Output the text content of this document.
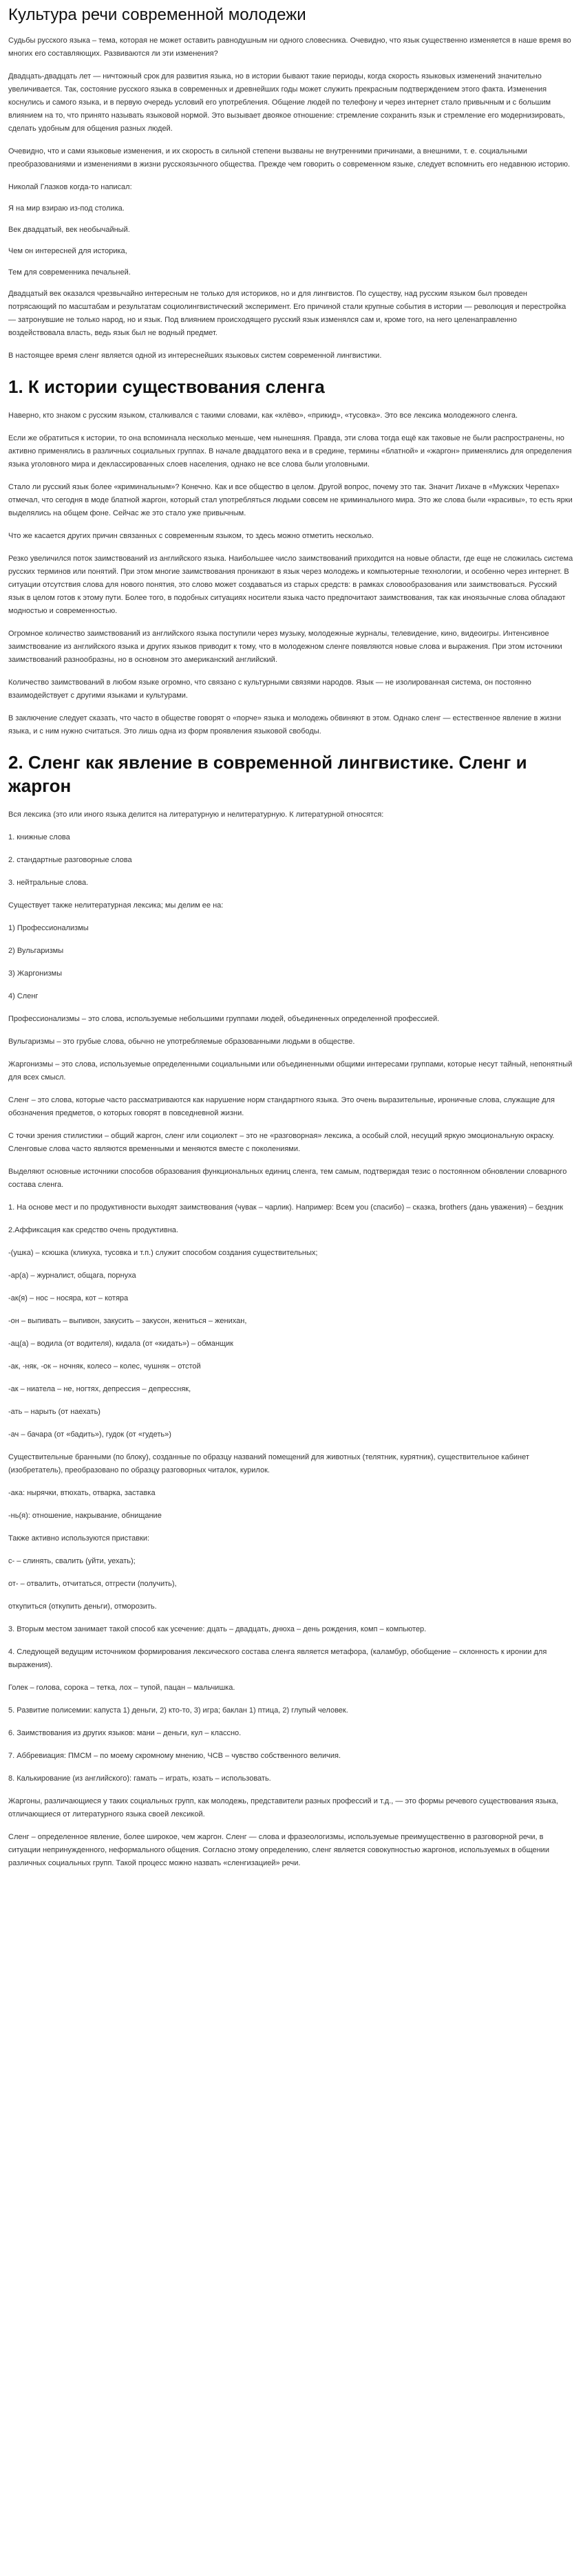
Культура речи современной молодежи

Судьбы русского языка – тема, которая не может оставить равнодушным ни одного словесника. Очевидно, что язык существенно изменяется в наше время во многих его составляющих. Развиваются ли эти изменения?

Двадцать-двадцать лет — ничтожный срок для развития языка, но в истории бывают такие периоды, когда скорость языковых изменений значительно увеличивается. Так, состояние русского языка в современных и древнейших годы может служить прекрасным подтверждением этого факта. Изменения коснулись и самого языка, и в первую очередь условий его употребления. Общение людей по телефону и через интернет стало привычным и с большим влиянием на то, что принято называть языковой нормой. Это вызывает двоякое отношение: стремление сохранить язык и стремление его модернизировать, сделать удобным для общения разных людей.

Очевидно, что и сами языковые изменения, и их скорость в сильной степени вызваны не внутренними причинами, а внешними, т. е. социальными преобразованиями и изменениями в жизни русскоязычного общества. Прежде чем говорить о современном языке, следует вспомнить его недавнюю историю.

Николай Глазков когда-то написал:

Я на мир взираю из-под столика.

Век двадцатый, век необычайный.

Чем он интересней для историка,

Тем для современника печальней.

Двадцатый век оказался чрезвычайно интересным не только для историков, но и для лингвистов. По существу, над русским языком был проведен потрясающий по масштабам и результатам социолингвистический эксперимент. Его причиной стали крупные события в истории — революция и перестройка — затронувшие не только народ, но и язык. Под влиянием происходящего русский язык изменялся сам и, кроме того, на него целенаправленно воздействовала власть, ведь язык был не водный предмет.

В настоящее время сленг является одной из интереснейших языковых систем современной лингвистики.

1. К истории существования сленга

Наверно, кто знаком с русским языком, сталкивался с такими словами, как «клёво», «прикид», «тусовка». Это все лексика молодежного сленга.

Если же обратиться к истории, то она вспоминала несколько меньше, чем нынешняя. Правда, эти слова тогда ещё как таковые не были распространены, но активно применялись в различных социальных группах. В начале двадцатого века и в средине, термины «блатной» и «жаргон» применялись для определения языка уголовного мира и деклассированных слоев населения, однако не все слова были уголовными.

Стало ли русский язык более «криминальным»? Конечно. Как и все общество в целом. Другой вопрос, почему это так. Значит Лихаче в «Мужских Черепах» отмечал, что сегодня в моде блатной жаргон, который стал употребляться людьми совсем не криминального мира. Это же слова были «красивы», то есть ярки выделялись на общем фоне. Сейчас же это стало уже привычным.

Что же касается других причин связанных с современным языком, то здесь можно отметить несколько.

Резко увеличился поток заимствований из английского языка. Наибольшее число заимствований приходится на новые области, где еще не сложилась система русских терминов или понятий. При этом многие заимствования проникают в язык через молодежь и компьютерные технологии, и особенно через интернет. В ситуации отсутствия слова для нового понятия, это слово может создаваться из старых средств: в рамках словообразования или заимствоваться. Русский язык в целом готов к этому пути. Более того, в подобных ситуациях носители языка часто предпочитают заимствования, так как иноязычные слова обладают модностью и современностью.

Огромное количество заимствований из английского языка поступили через музыку, молодежные журналы, телевидение, кино, видеоигры. Интенсивное заимствование из английского языка и других языков приводит к тому, что в молодежном сленге появляются новые слова и выражения. При этом источники заимствований разнообразны, но в основном это американский английский.

Количество заимствований в любом языке огромно, что связано с культурными связями народов. Язык — не изолированная система, он постоянно взаимодействует с другими языками и культурами.

В заключение следует сказать, что часто в обществе говорят о «порче» языка и молодежь обвиняют в этом. Однако сленг — естественное явление в жизни языка, и с ним нужно считаться. Это лишь одна из форм проявления языковой свободы.

2. Сленг как явление в современной лингвистике. Сленг и жаргон

Вся лексика (это или иного языка делится на литературную и нелитературную. К литературной относятся:

1. книжные слова

2. стандартные разговорные слова

3. нейтральные слова.

Существует также нелитературная лексика; мы делим ее на:

1) Профессионализмы

2) Вульгаризмы

3) Жаргонизмы

4) Сленг

Профессионализмы – это слова, используемые небольшими группами людей, объединенных определенной профессией.

Вульгаризмы – это грубые слова, обычно не употребляемые образованными людьми в обществе.

Жаргонизмы – это слова, используемые определенными социальными или объединенными общими интересами группами, которые несут тайный, непонятный для всех смысл.

Сленг – это слова, которые часто рассматриваются как нарушение норм стандартного языка. Это очень выразительные, ироничные слова, служащие для обозначения предметов, о которых говорят в повседневной жизни.

С точки зрения стилистики – общий жаргон, сленг или социолект – это не «разговорная» лексика, а особый слой, несущий яркую эмоциональную окраску. Сленговые слова часто являются временными и меняются вместе с поколениями.

Выделяют основные источники способов образования функциональных единиц сленга, тем самым, подтверждая тезис о постоянном обновлении словарного состава сленга.

1. На основе мест и по продуктивности выходят заимствования (чувак – чарлик). Например: Всем you (спасибо) – сказка, brothers (дань уважения) – бездник

2.Аффиксация как средство очень продуктивна.

-(ушка) – ксюшка (кликуха, тусовка и т.п.) служит способом создания существительных;

-ар(а) – журналист, общага, порнуха

-ак(я) – нос – носяра, кот – котяра

-он – выпивать – выпивон, закусить – закусон, жениться – женихан,

-ац(а) – водила (от водителя), кидала (от «кидать») – обманщик

-ак, -няк, -ок – ночняк, колесо – колес, чушняк – отстой

-ак – ниатела – не, ногтях, депрессия – депрессняк,

-ать – нарыть (от наехать)

-ач – бачара (от «бадить»), гудок (от «гудеть»)

Существительные бранными (по блоку), созданные по образцу названий помещений для животных (телятник, курятник), существительное кабинет (изобретатель), преобразовано по образцу разговорных читалок, курилок.

-ака: нырячки, втюхать, отварка, заставка

-нь(я): отношение, накрывание, обнищание

Также активно используются приставки:

с- – слинять, свалить (уйти, уехать);

от- – отвалить, отчитаться, отгрести (получить),

откупиться (откупить деньги), отморозить.

3. Вторым местом занимает такой способ как усечение: дцать – двадцать, днюха – день рождения, комп – компьютер.

4. Следующей ведущим источником формирования лексического состава сленга является метафора, (каламбур, обобщение – склонность к иронии для выражения).

Голек – голова, сорока – тетка, лох – тупой, пацан – мальчишка.

5. Развитие полисемии: капуста 1) деньги, 2) кто-то, 3) игра; баклан 1) птица, 2) глупый человек.

6. Заимствования из других языков: мани – деньги, кул – классно.

7. Аббревиация: ПМСМ – по моему скромному мнению, ЧСВ – чувство собственного величия.

8. Калькирование (из английского): гамать – играть, юзать – использовать.

Жаргоны, различающиеся у таких социальных групп, как молодежь, представители разных профессий и т.д., — это формы речевого существования языка, отличающиеся от литературного языка своей лексикой.

Сленг – определенное явление, более широкое, чем жаргон. Сленг — слова и фразеологизмы, используемые преимущественно в разговорной речи, в ситуации непринужденного, неформального общения. Согласно этому определению, сленг является совокупностью жаргонов, используемых в общении различных социальных групп. Такой процесс можно назвать «сленгизацией» речи.
